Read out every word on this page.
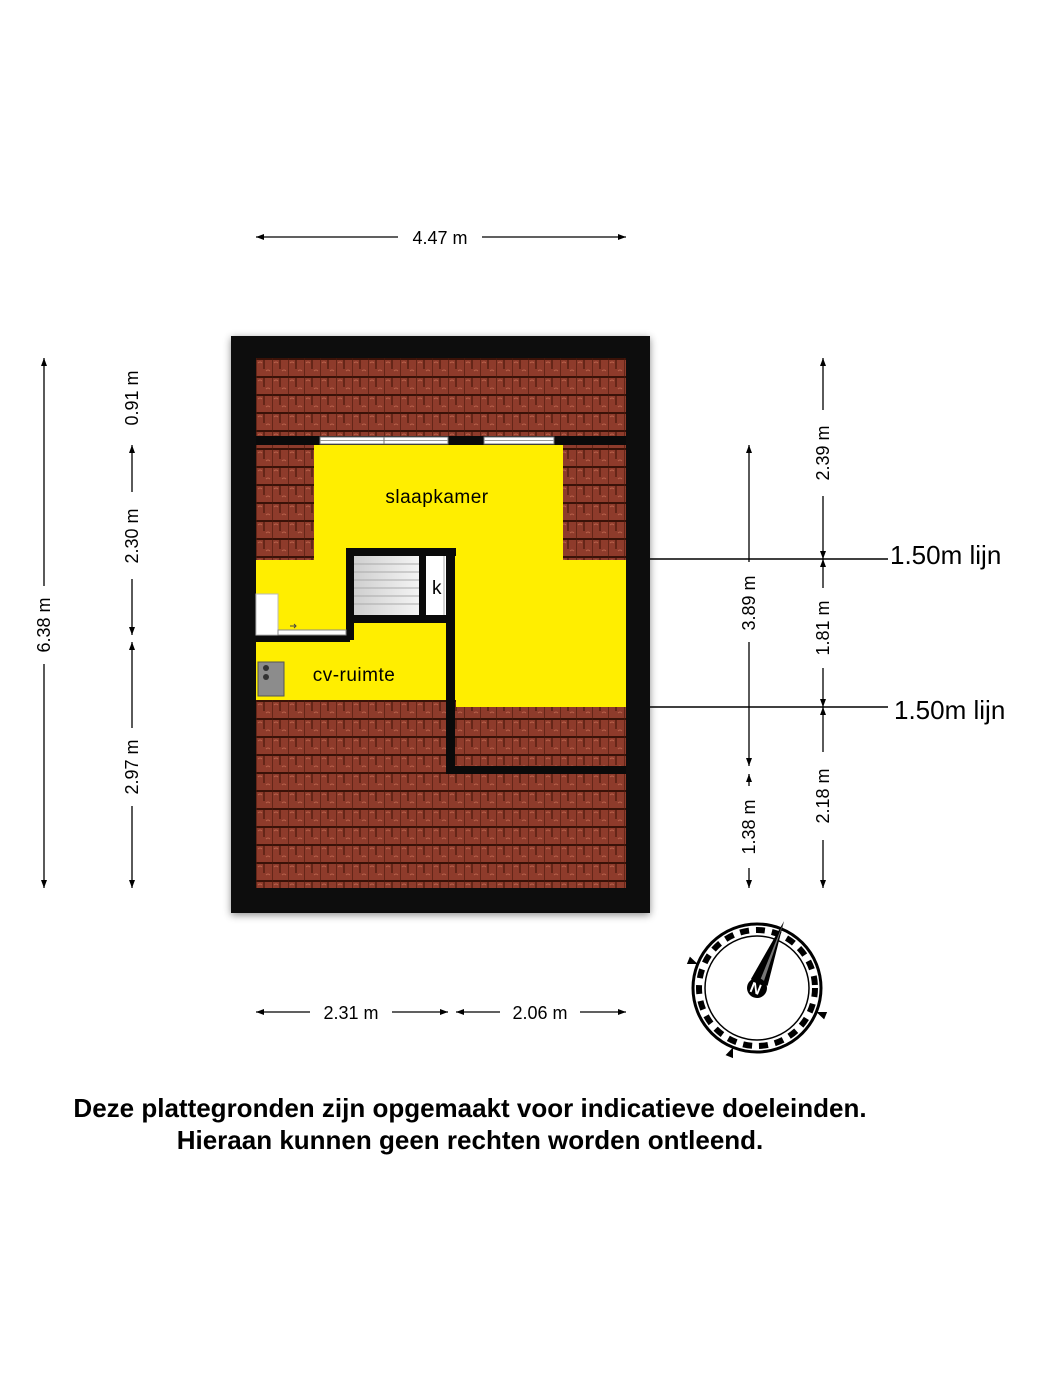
k
slaapkamer
cv-ruimte
1.50m lijn
1.50m lijn
4.47 m
6.38 m
0.91 m
2.30 m
2.97 m
3.89 m
1.38 m
2.39 m
1.81 m
2.18 m
2.31 m	2.06 m
N
Deze plattegronden zijn opgemaakt voor indicatieve doeleinden.
Hieraan kunnen geen rechten worden ontleend.
